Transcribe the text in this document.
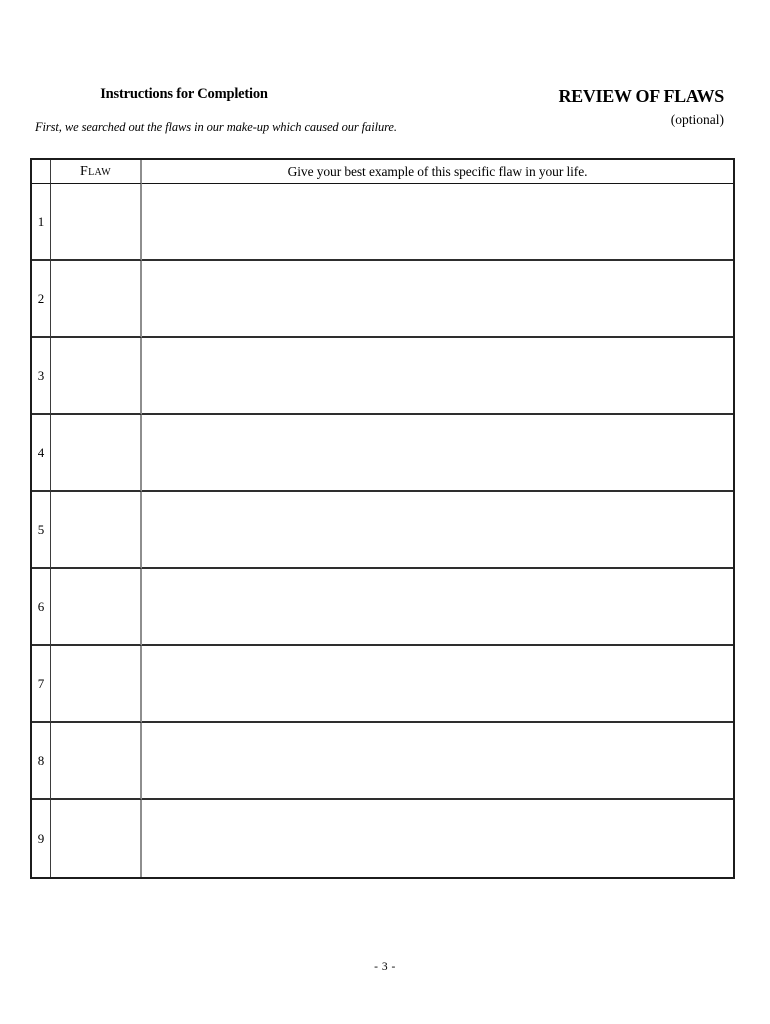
Instructions for Completion	REVIEW OF FLAWS
(optional)
First, we searched out the flaws in our make-up which caused our failure.
Flaw	Give your best example of this specific flaw in your life.
1
2
3
4
5
6
7
8
9
- 3 -
